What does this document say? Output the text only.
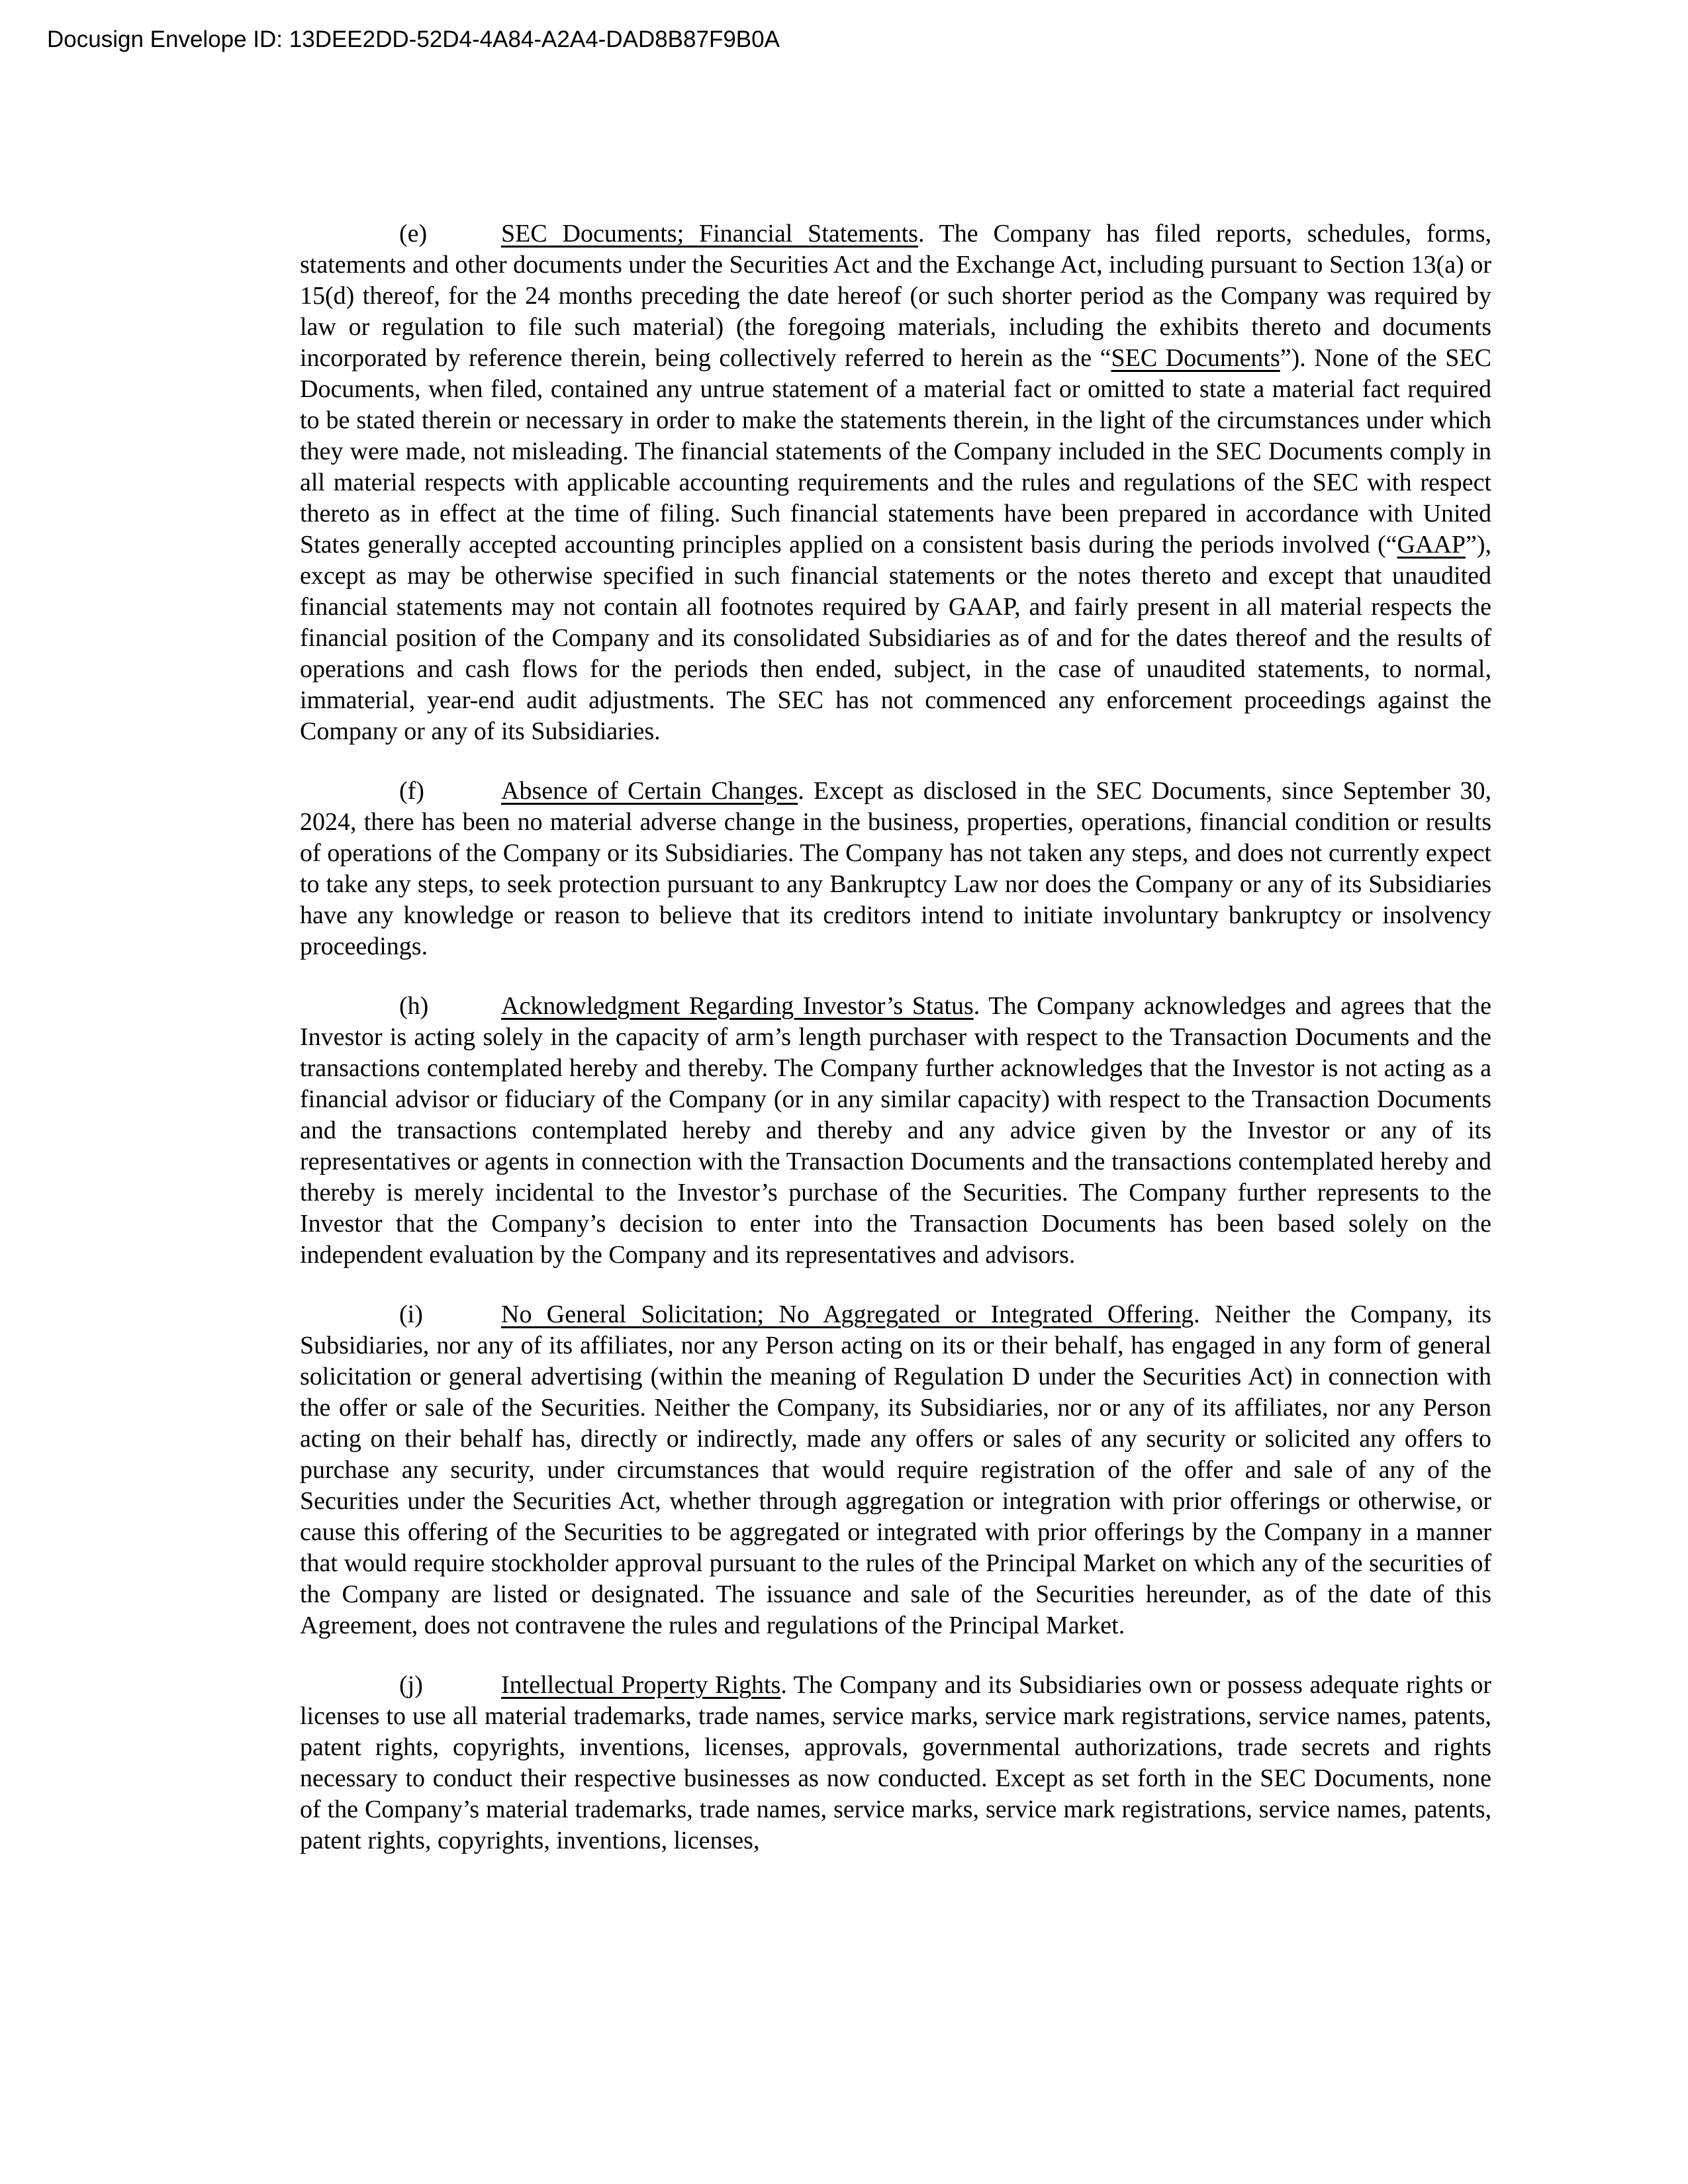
Docusign Envelope ID: 13DEE2DD-52D4-4A84-A2A4-DAD8B87F9B0A

(e)	SEC Documents; Financial Statements. The Company has filed reports, schedules, forms, statements and other documents under the Securities Act and the Exchange Act, including pursuant to Section 13(a) or 15(d) thereof, for the 24 months preceding the date hereof (or such shorter period as the Company was required by law or regulation to file such material) (the foregoing materials, including the exhibits thereto and documents incorporated by reference therein, being collectively referred to herein as the “SEC Documents”). None of the SEC Documents, when filed, contained any untrue statement of a material fact or omitted to state a material fact required to be stated therein or necessary in order to make the statements therein, in the light of the circumstances under which they were made, not misleading. The financial statements of the Company included in the SEC Documents comply in all material respects with applicable accounting requirements and the rules and regulations of the SEC with respect thereto as in effect at the time of filing. Such financial statements have been prepared in accordance with United States generally accepted accounting principles applied on a consistent basis during the periods involved (“GAAP”), except as may be otherwise specified in such financial statements or the notes thereto and except that unaudited financial statements may not contain all footnotes required by GAAP, and fairly present in all material respects the financial position of the Company and its consolidated Subsidiaries as of and for the dates thereof and the results of operations and cash flows for the periods then ended, subject, in the case of unaudited statements, to normal, immaterial, year-end audit adjustments. The SEC has not commenced any enforcement proceedings against the Company or any of its Subsidiaries.

(f)	Absence of Certain Changes. Except as disclosed in the SEC Documents, since September 30, 2024, there has been no material adverse change in the business, properties, operations, financial condition or results of operations of the Company or its Subsidiaries. The Company has not taken any steps, and does not currently expect to take any steps, to seek protection pursuant to any Bankruptcy Law nor does the Company or any of its Subsidiaries have any knowledge or reason to believe that its creditors intend to initiate involuntary bankruptcy or insolvency proceedings.

(h)	Acknowledgment Regarding Investor’s Status. The Company acknowledges and agrees that the Investor is acting solely in the capacity of arm’s length purchaser with respect to the Transaction Documents and the transactions contemplated hereby and thereby. The Company further acknowledges that the Investor is not acting as a financial advisor or fiduciary of the Company (or in any similar capacity) with respect to the Transaction Documents and the transactions contemplated hereby and thereby and any advice given by the Investor or any of its representatives or agents in connection with the Transaction Documents and the transactions contemplated hereby and thereby is merely incidental to the Investor’s purchase of the Securities. The Company further represents to the Investor that the Company’s decision to enter into the Transaction Documents has been based solely on the independent evaluation by the Company and its representatives and advisors.

(i)	No General Solicitation; No Aggregated or Integrated Offering. Neither the Company, its Subsidiaries, nor any of its affiliates, nor any Person acting on its or their behalf, has engaged in any form of general solicitation or general advertising (within the meaning of Regulation D under the Securities Act) in connection with the offer or sale of the Securities. Neither the Company, its Subsidiaries, nor or any of its affiliates, nor any Person acting on their behalf has, directly or indirectly, made any offers or sales of any security or solicited any offers to purchase any security, under circumstances that would require registration of the offer and sale of any of the Securities under the Securities Act, whether through aggregation or integration with prior offerings or otherwise, or cause this offering of the Securities to be aggregated or integrated with prior offerings by the Company in a manner that would require stockholder approval pursuant to the rules of the Principal Market on which any of the securities of the Company are listed or designated. The issuance and sale of the Securities hereunder, as of the date of this Agreement, does not contravene the rules and regulations of the Principal Market.

(j)	Intellectual Property Rights. The Company and its Subsidiaries own or possess adequate rights or licenses to use all material trademarks, trade names, service marks, service mark registrations, service names, patents, patent rights, copyrights, inventions, licenses, approvals, governmental authorizations, trade secrets and rights necessary to conduct their respective businesses as now conducted. Except as set forth in the SEC Documents, none of the Company’s material trademarks, trade names, service marks, service mark registrations, service names, patents, patent rights, copyrights, inventions, licenses,
